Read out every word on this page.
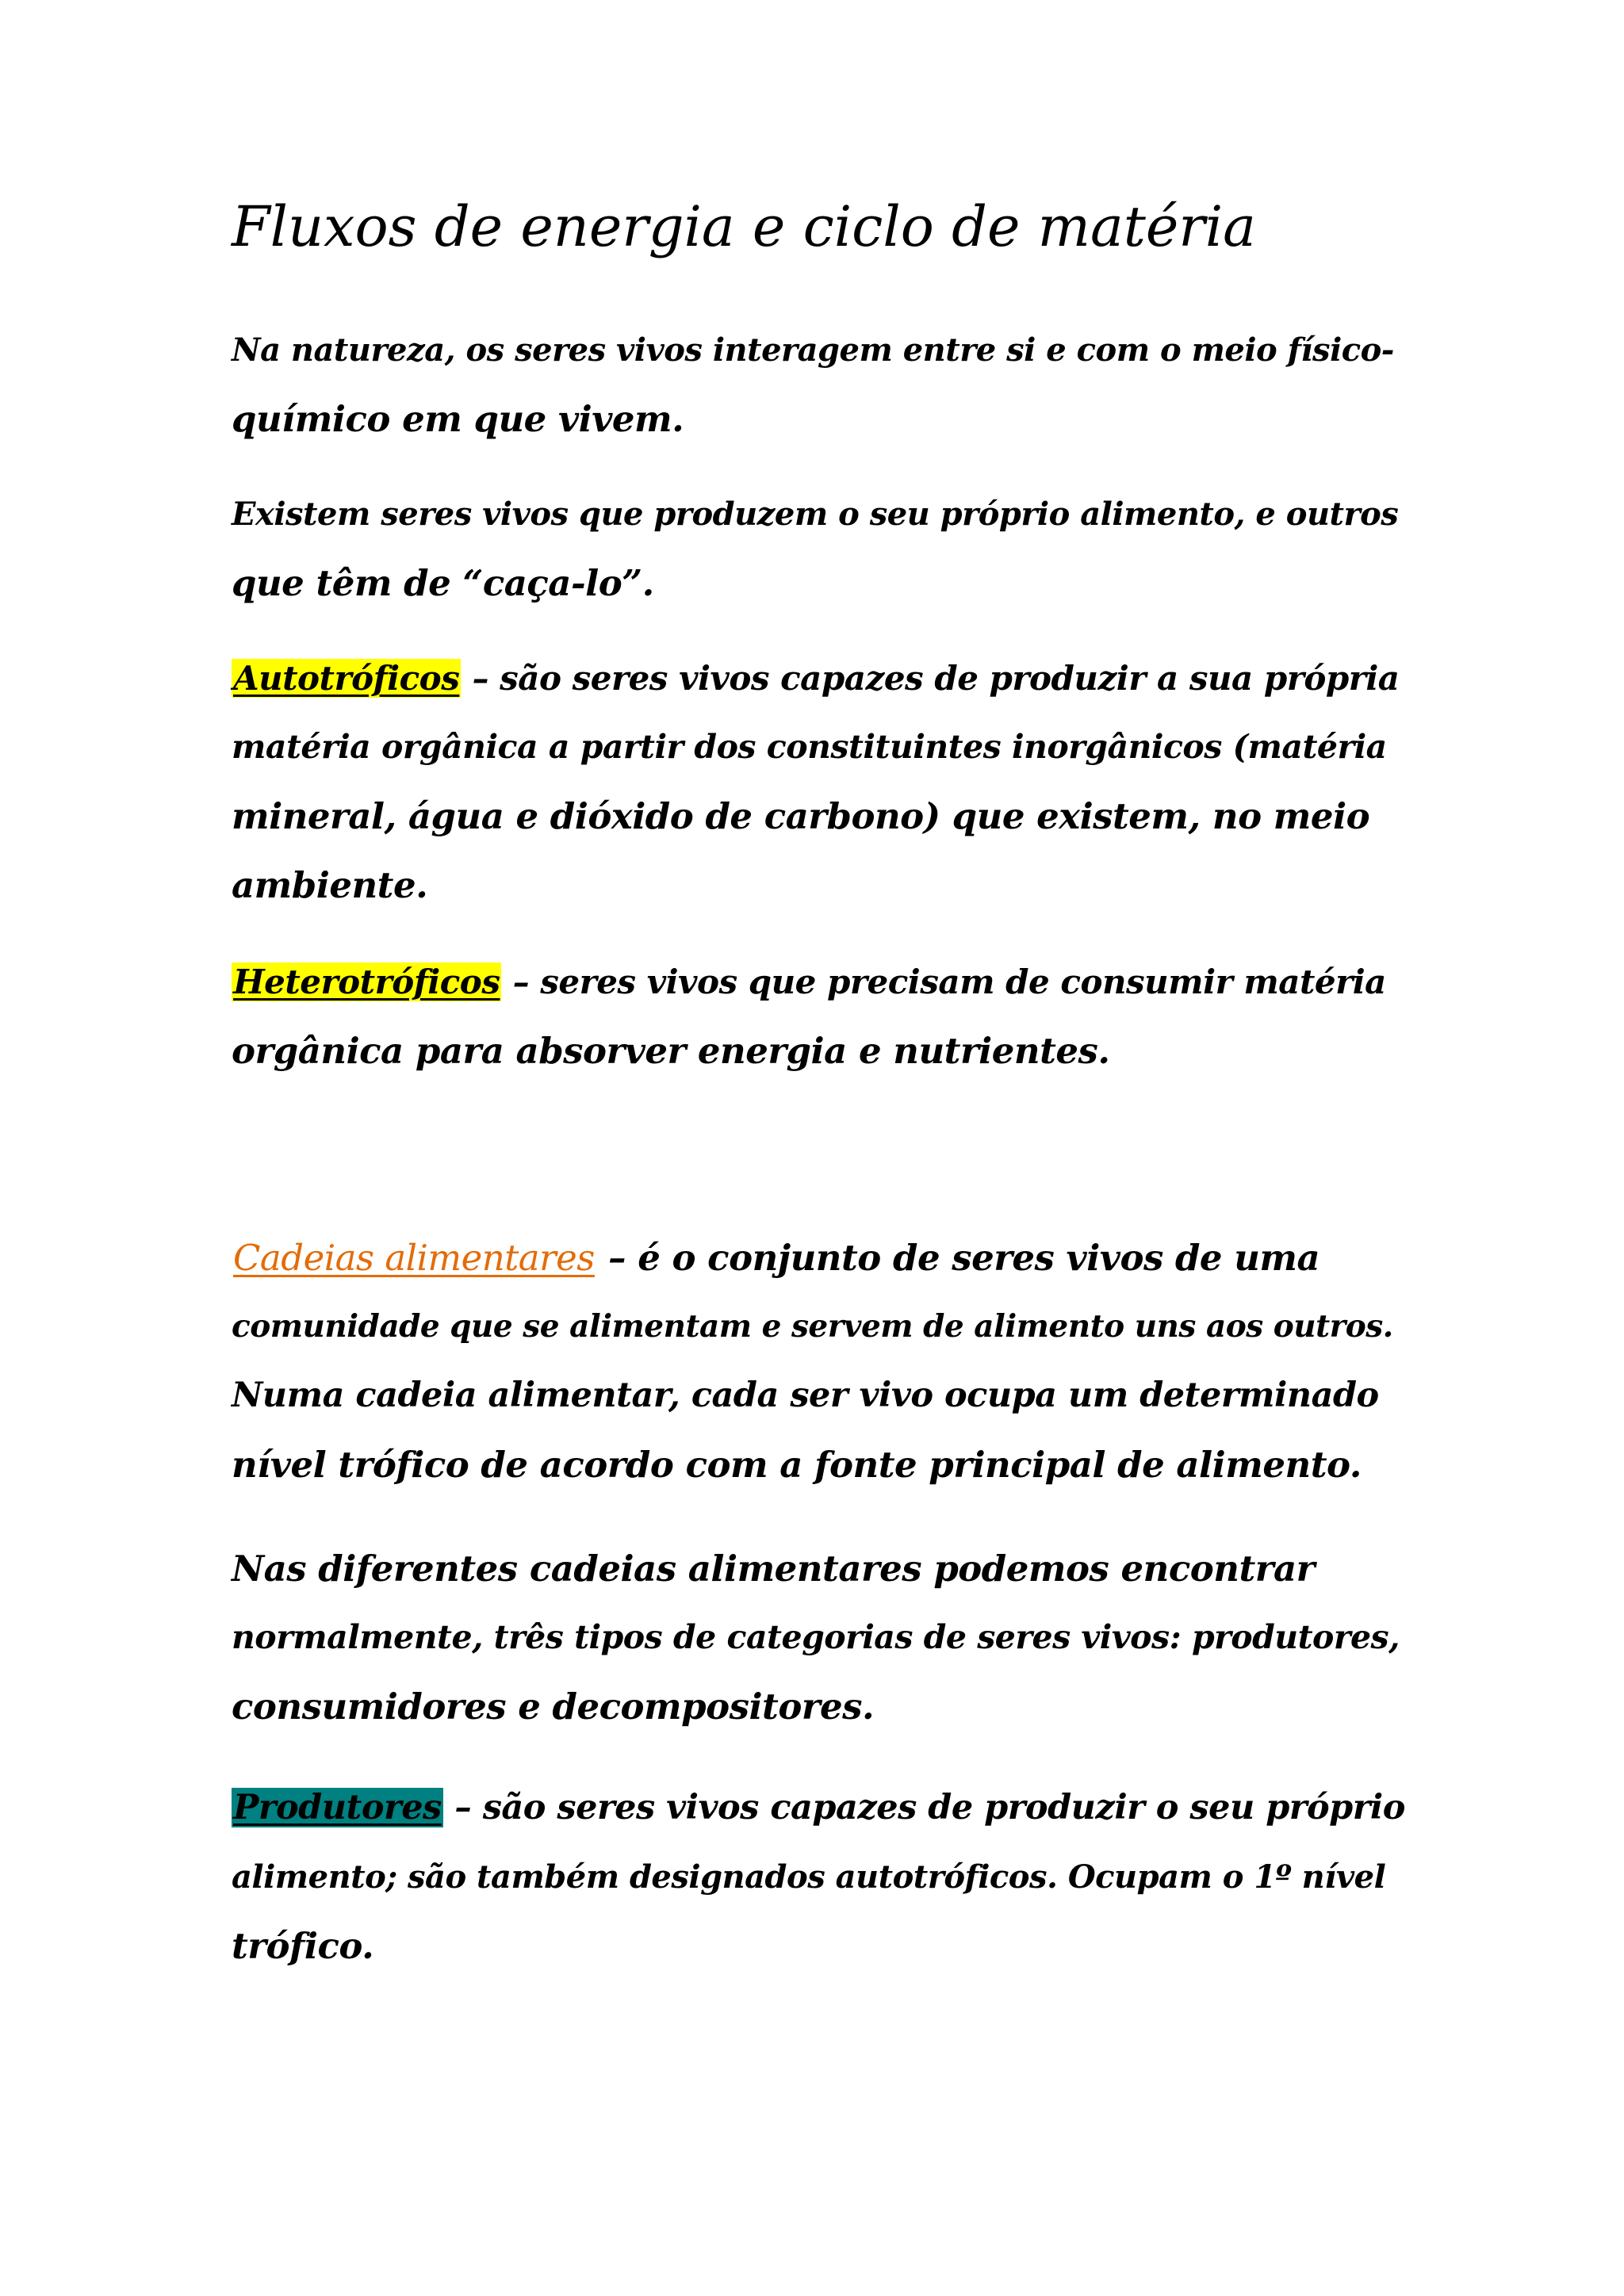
Fluxos de energia e ciclo de matéria

Na natureza, os seres vivos interagem entre si e com o meio físico-
químico em que vivem.

Existem seres vivos que produzem o seu próprio alimento, e outros
que têm de “caça-lo”.

Autotróficos – são seres vivos capazes de produzir a sua própria
matéria orgânica a partir dos constituintes inorgânicos (matéria
mineral, água e dióxido de carbono) que existem, no meio
ambiente.

Heterotróficos – seres vivos que precisam de consumir matéria
orgânica para absorver energia e nutrientes.

Cadeias alimentares – é o conjunto de seres vivos de uma
comunidade que se alimentam e servem de alimento uns aos outros.
Numa cadeia alimentar, cada ser vivo ocupa um determinado
nível trófico de acordo com a fonte principal de alimento.

Nas diferentes cadeias alimentares podemos encontrar
normalmente, três tipos de categorias de seres vivos: produtores,
consumidores e decompositores.

Produtores – são seres vivos capazes de produzir o seu próprio
alimento; são também designados autotróficos. Ocupam o 1º nível
trófico.
